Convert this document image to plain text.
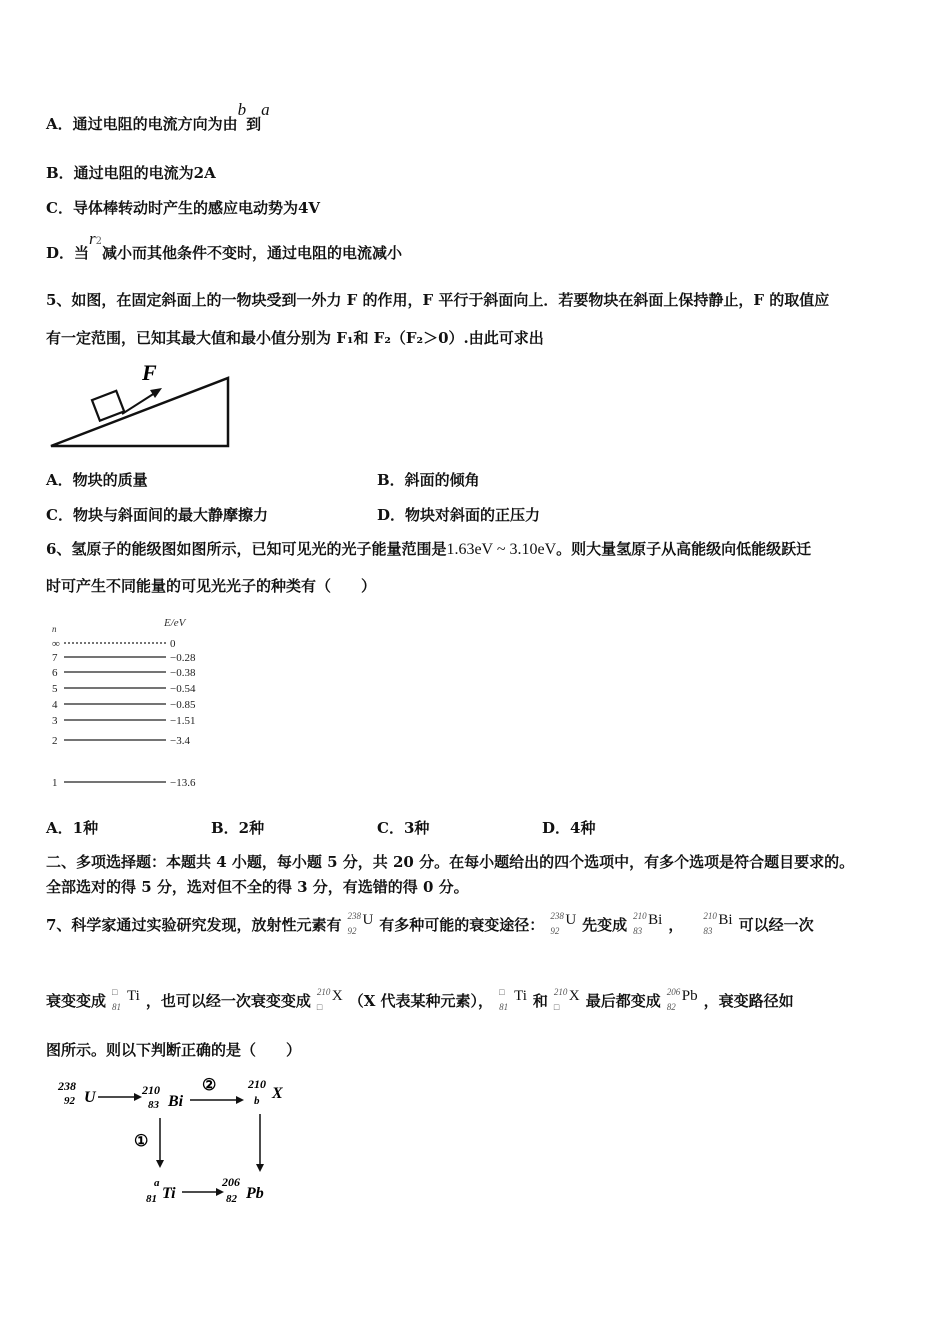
A．通过电阻的电流方向为由b到a
B．通过电阻的电流为2A
C．导体棒转动时产生的感应电动势为4V
D．当r2减小而其他条件不变时，通过电阻的电流减小
5、如图，在固定斜面上的一物块受到一外力 F 的作用，F 平行于斜面向上．若要物块在斜面上保持静止，F 的取值应
有一定范围，已知其最大值和最小值分别为 F₁和 F₂（F₂＞0）.由此可求出
F
A．物块的质量	B．斜面的倾角
C．物块与斜面间的最大静摩擦力	D．物块对斜面的正压力
6、氢原子的能级图如图所示，已知可见光的光子能量范围是1.63eV ~ 3.10eV。则大量氢原子从高能级向低能级跃迁
时可产生不同能量的可见光光子的种类有（　　）
n	E/eV
∞	0
7	−0.28
6	−0.38
5	−0.54
4	−0.85
3	−1.51
2	−3.4
1	−13.6
A．1种	B．2种	C．3种	D．4种
二、多项选择题：本题共 4 小题，每小题 5 分，共 20 分。在每小题给出的四个选项中，有多个选项是符合题目要求的。
全部选对的得 5 分，选对但不全的得 3 分，有选错的得 0 分。
7、科学家通过实验研究发现，放射性元素有 238
92
U 有多种可能的衰变途径： 238
92
U 先变成 210
83
Bi ， 210
83
Bi 可以经一次
衰变变成 □
81
Ti ，也可以经一次衰变变成 210
□
X （X 代表某种元素）， □
81
Ti 和 210
□
X 最后都变成 206
82
Pb ，衰变路径如
图所示。则以下判断正确的是（　　）
238
92 U	210
83 Bi
②	210
b X
①
a
81 Ti
206
82 Pb
